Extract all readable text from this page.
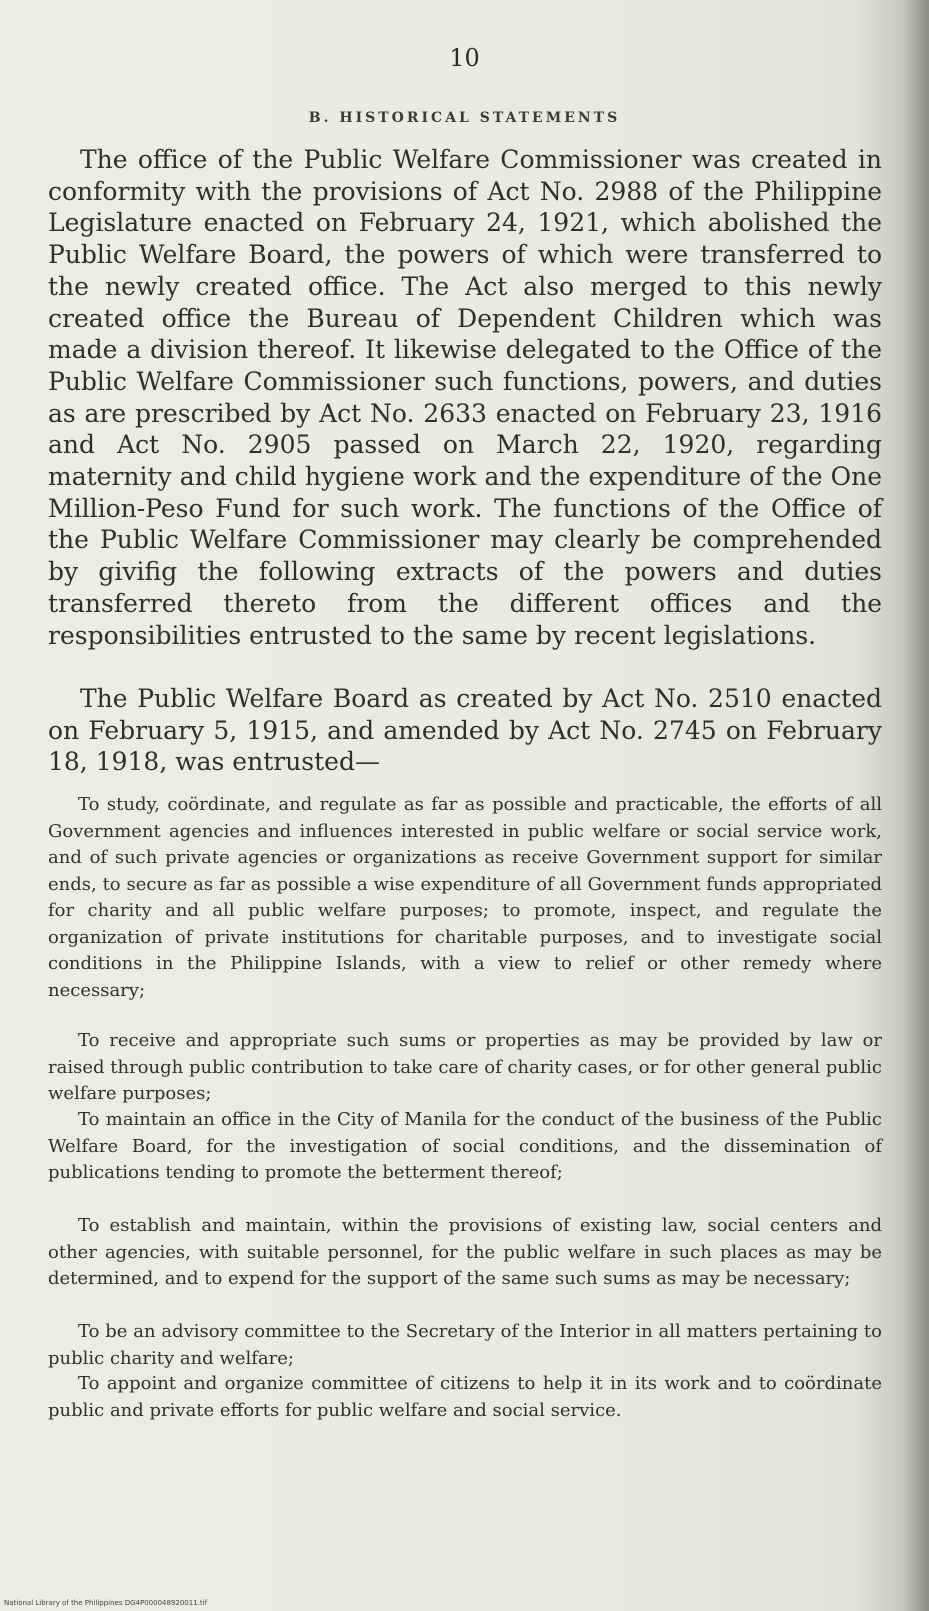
10
B. HISTORICAL STATEMENTS
The office of the Public Welfare Commissioner was created in conformity with the provisions of Act No. 2988 of the Philippine Legislature enacted on February 24, 1921, which abolished the Public Welfare Board, the powers of which were transferred to the newly created office. The Act also merged to this newly created office the Bureau of Dependent Children which was made a division thereof. It likewise delegated to the Office of the Public Welfare Commissioner such functions, powers, and duties as are prescribed by Act No. 2633 enacted on February 23, 1916 and Act No. 2905 passed on March 22, 1920, regarding maternity and child hygiene work and the expenditure of the One Million-Peso Fund for such work. The functions of the Office of the Public Welfare Commissioner may clearly be comprehended by givifig the following extracts of the powers and duties transferred thereto from the different offices and the responsibilities entrusted to the same by recent legislations.
The Public Welfare Board as created by Act No. 2510 enacted on February 5, 1915, and amended by Act No. 2745 on February 18, 1918, was entrusted—
To study, coördinate, and regulate as far as possible and practicable, the efforts of all Government agencies and influences interested in public welfare or social service work, and of such private agencies or organizations as receive Government support for similar ends, to secure as far as possible a wise expenditure of all Government funds appropriated for charity and all public welfare purposes; to promote, inspect, and regulate the organization of private institutions for charitable purposes, and to investigate social conditions in the Philippine Islands, with a view to relief or other remedy where necessary;
To receive and appropriate such sums or properties as may be provided by law or raised through public contribution to take care of charity cases, or for other general public welfare purposes;
To maintain an office in the City of Manila for the conduct of the business of the Public Welfare Board, for the investigation of social conditions, and the dissemination of publications tending to promote the betterment thereof;
To establish and maintain, within the provisions of existing law, social centers and other agencies, with suitable personnel, for the public welfare in such places as may be determined, and to expend for the support of the same such sums as may be necessary;
To be an advisory committee to the Secretary of the Interior in all matters pertaining to public charity and welfare;
To appoint and organize committee of citizens to help it in its work and to coördinate public and private efforts for public welfare and social service.
National Library of the Philippines DG4P000048920011.tif
